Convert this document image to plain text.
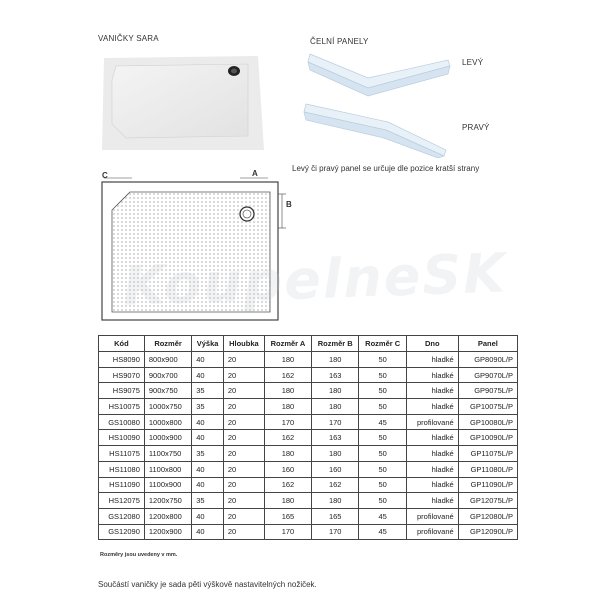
VANIČKY SARA	ČELNÍ PANELY
LEVÝ
PRAVÝ
Levý či pravý panel se určuje dle pozice kratší strany
C	A
B
KoupelneSK
Kód	Rozměr	Výška	Hloubka	Rozměr A	Rozměr B	Rozměr C	Dno	Panel
HS8090	800x900	40	20	180	180	50	hladké	GP8090L/P
HS9070	900x700	40	20	162	163	50	hladké	GP9070L/P
HS9075	900x750	35	20	180	180	50	hladké	GP9075L/P
HS10075	1000x750	35	20	180	180	50	hladké	GP10075L/P
GS10080	1000x800	40	20	170	170	45	profilované	GP10080L/P
HS10090	1000x900	40	20	162	163	50	hladké	GP10090L/P
HS11075	1100x750	35	20	180	180	50	hladké	GP11075L/P
HS11080	1100x800	40	20	160	160	50	hladké	GP11080L/P
HS11090	1100x900	40	20	162	162	50	hladké	GP11090L/P
HS12075	1200x750	35	20	180	180	50	hladké	GP12075L/P
GS12080	1200x800	40	20	165	165	45	profilované	GP12080L/P
GS12090	1200x900	40	20	170	170	45	profilované	GP12090L/P
Rozměry jsou uvedeny v mm.
Součástí vaničky je sada pěti výškově nastavitelných nožiček.
